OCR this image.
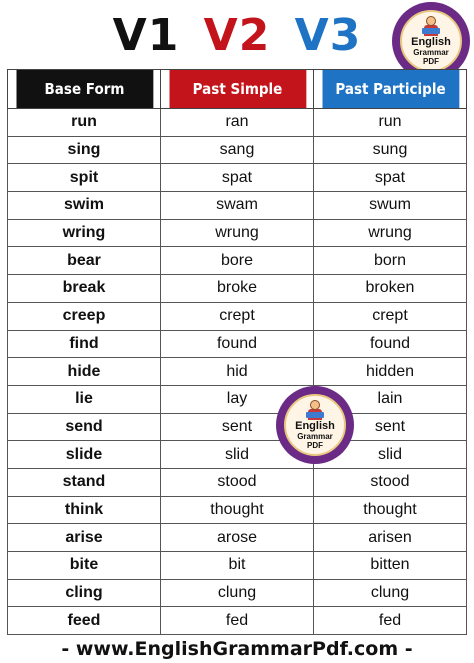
V1 V2 V3	English
Grammar
PDF
Base Form	Past Simple	Past Participle
run	ran	run
sing	sang	sung
spit	spat	spat
swim	swam	swum
wring	wrung	wrung
bear	bore	born
break	broke	broken
creep	crept	crept
find	found	found
hide	hid	hidden
lie	lay	lain
send	sent	sent
slide	slid	slid
stand	stood	stood
think	thought	thought
arise	arose	arisen
bite	bit	bitten
cling	clung	clung
feed	fed	fed
English
Grammar
PDF
- www.EnglishGrammarPdf.com -
